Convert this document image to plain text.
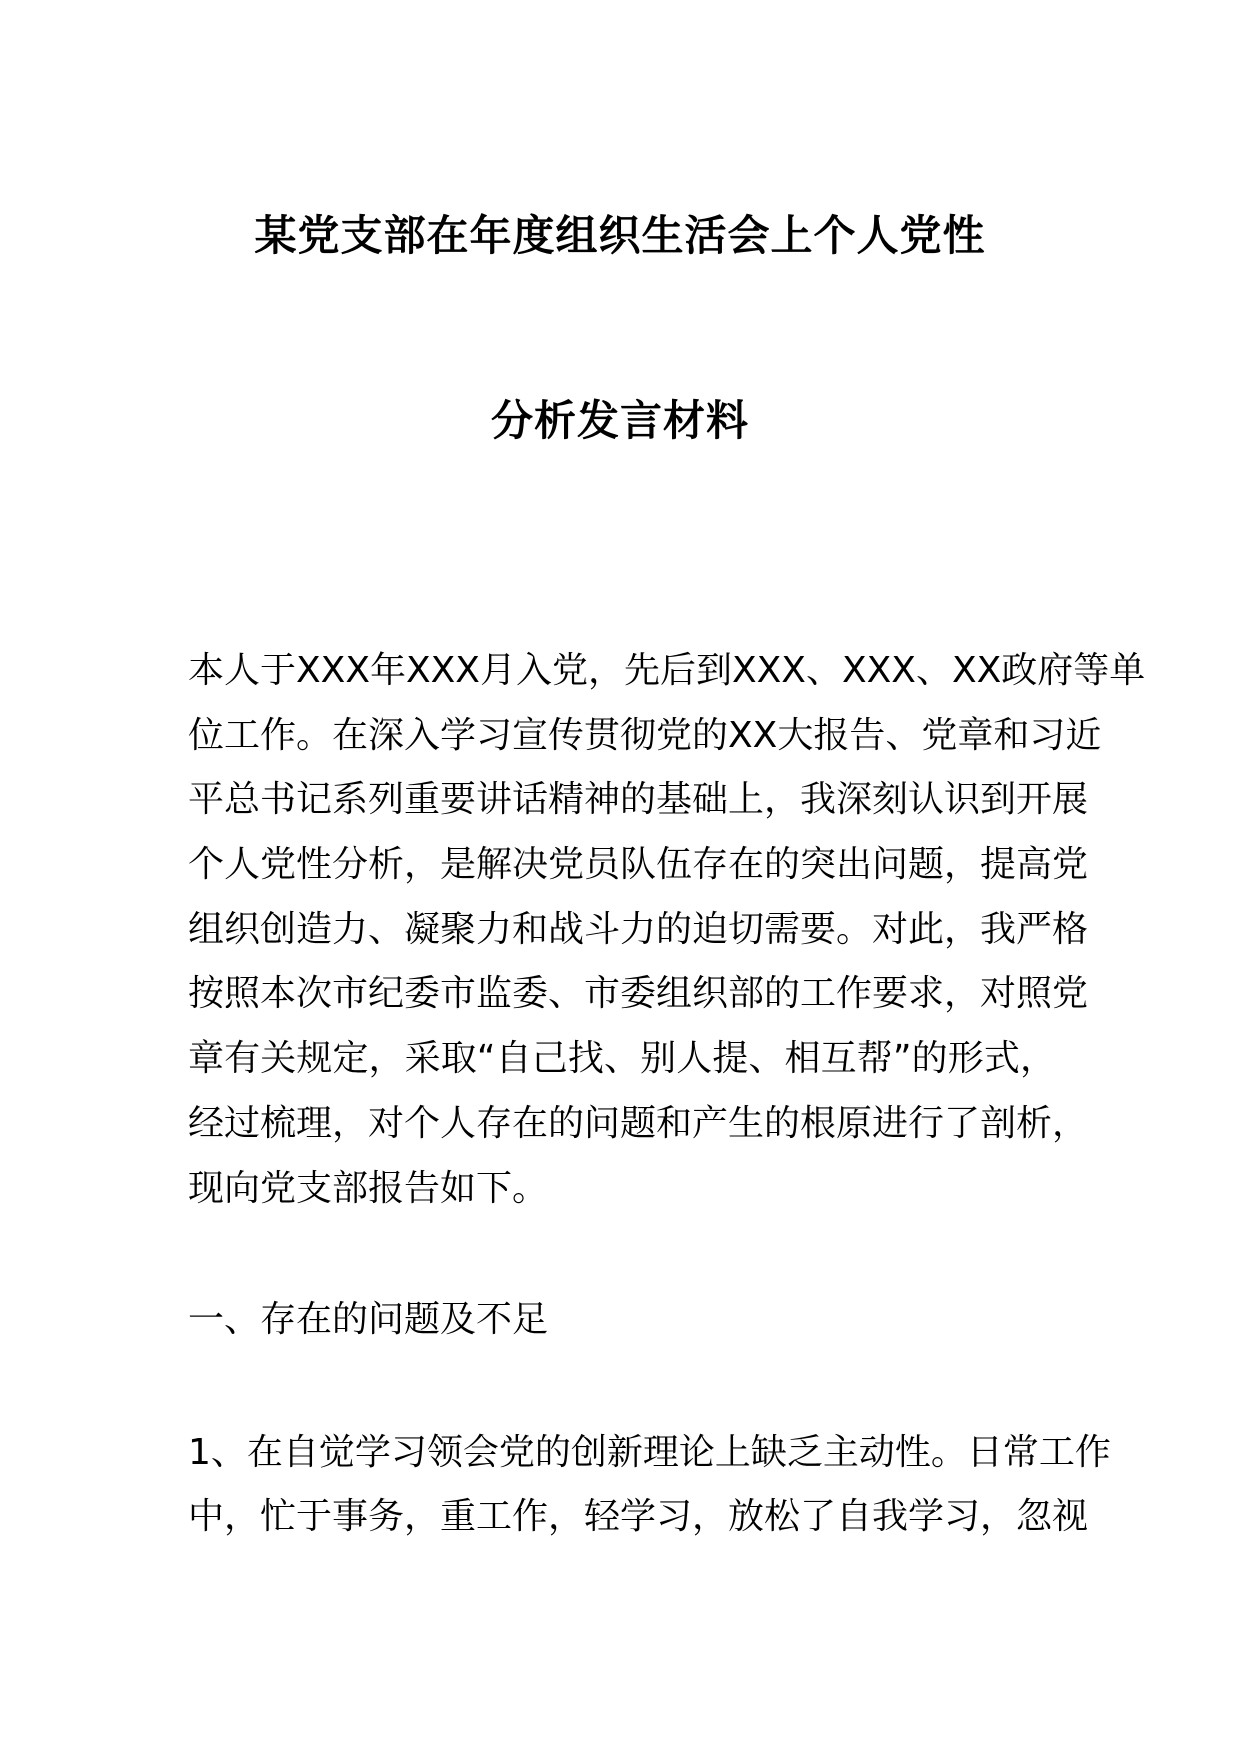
某党支部在年度组织生活会上个人党性
分析发言材料
本人于XXX年XXX月入党，先后到XXX、XXX、XX政府等单
位工作。在深入学习宣传贯彻党的XX大报告、党章和习近
平总书记系列重要讲话精神的基础上，我深刻认识到开展
个人党性分析，是解决党员队伍存在的突出问题，提高党
组织创造力、凝聚力和战斗力的迫切需要。对此，我严格
按照本次市纪委市监委、市委组织部的工作要求，对照党
章有关规定，采取“自己找、别人提、相互帮”的形式，
经过梳理，对个人存在的问题和产生的根原进行了剖析，
现向党支部报告如下。
一、存在的问题及不足
1、在自觉学习领会党的创新理论上缺乏主动性。日常工作
中，忙于事务，重工作，轻学习，放松了自我学习，忽视
